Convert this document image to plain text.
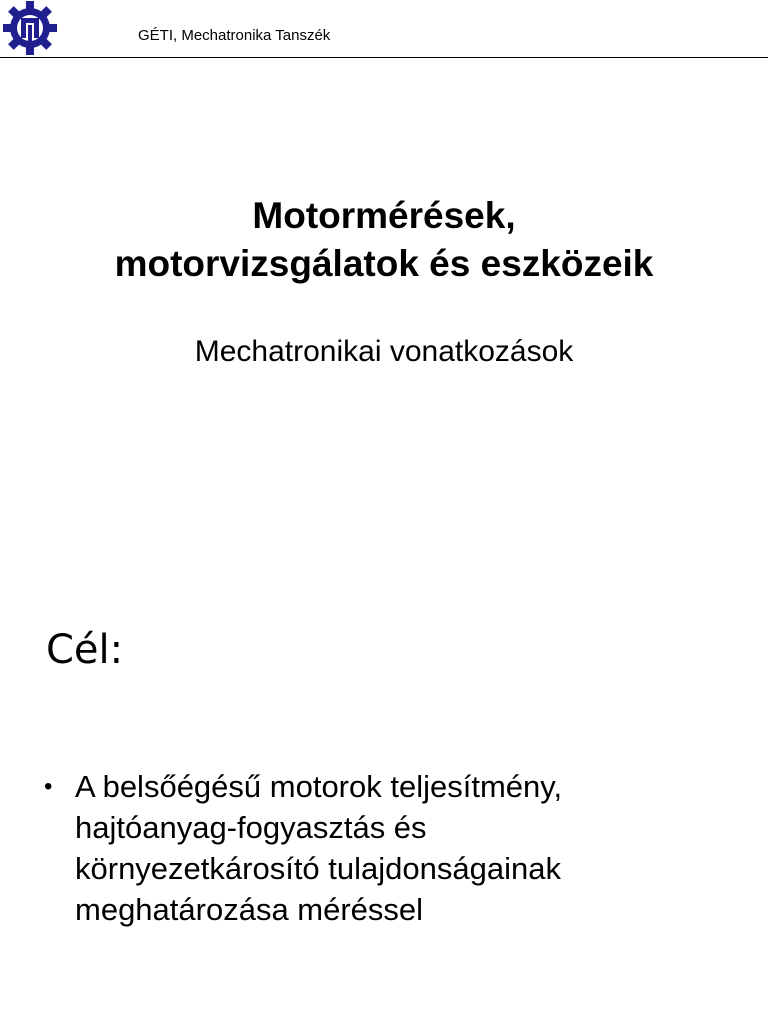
GÉTI, Mechatronika Tanszék
Motormérések,
motorvizsgálatok és eszközeik
Mechatronikai vonatkozások
Cél:
• A belsőégésű motorok teljesítmény,
hajtóanyag-fogyasztás és
környezetkárosító tulajdonságainak
meghatározása méréssel
